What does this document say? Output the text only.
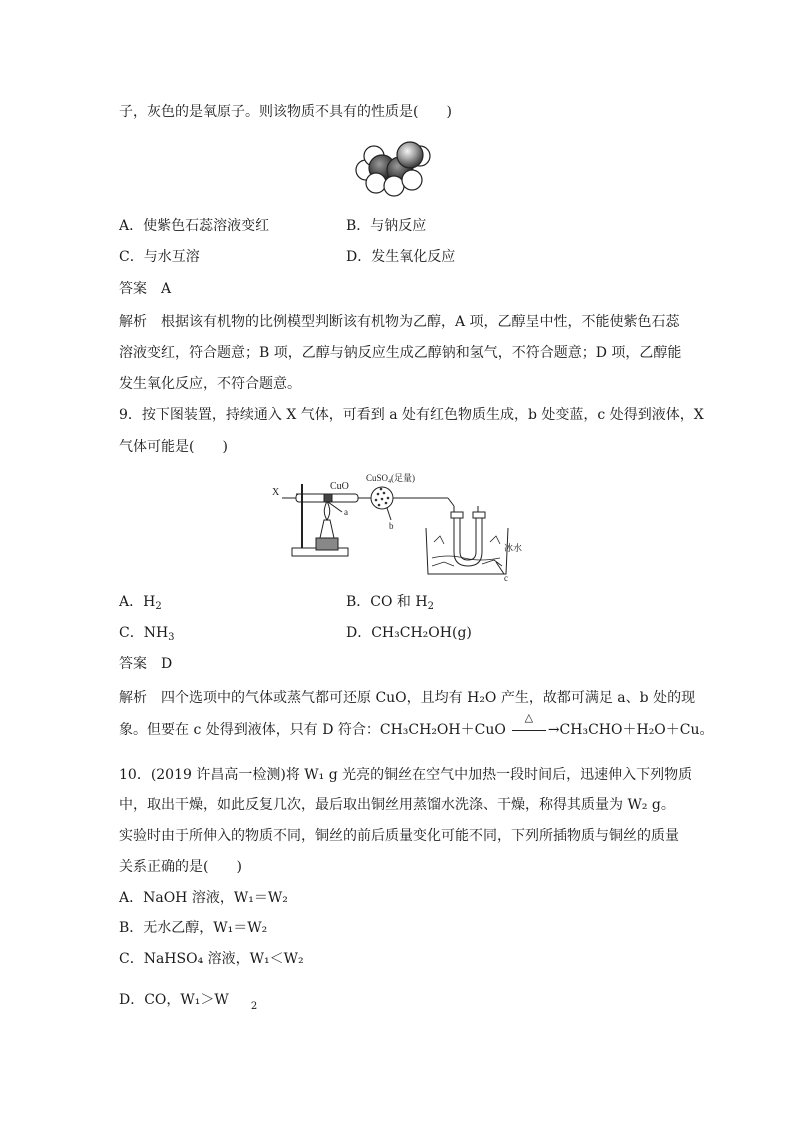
子，灰色的是氧原子。则该物质不具有的性质是(　　)
A．使紫色石蕊溶液变红	B．与钠反应
C．与水互溶	D．发生氧化反应
答案　 A
解析　 根据该有机物的比例模型判断该有机物为乙醇，A 项，乙醇呈中性，不能使紫色石蕊
溶液变红，符合题意；B 项，乙醇与钠反应生成乙醇钠和氢气，不符合题意；D 项，乙醇能
发生氧化反应，不符合题意。
9．按下图装置，持续通入 X 气体，可看到 a 处有红色物质生成，b 处变蓝，c 处得到液体，X
气体可能是(　　)
X
CuO
CuSO$_4$(足量)
a
b
c
冰水
A．$H_2$	B．CO 和 $H_2$
C．$NH_3$	D．CH₃CH₂OH(g)
答案　 D
解析　 四个选项中的气体或蒸气都可还原 CuO，且均有 H₂O 产生，故都可满足 a、b 处的现
象。但要在 c 处得到液体，只有 D 符合：CH₃CH₂OH＋CuO
△
→CH₃CHO＋H₂O＋Cu。
10．(2019 许昌高一检测)将 W₁ g 光亮的铜丝在空气中加热一段时间后，迅速伸入下列物质
中，取出干燥，如此反复几次，最后取出铜丝用蒸馏水洗涤、干燥，称得其质量为 W₂ g。
实验时由于所伸入的物质不同，铜丝的前后质量变化可能不同，下列所插物质与铜丝的质量
关系正确的是(　　)
A．NaOH 溶液，W₁＝W₂
B．无水乙醇，W₁＝W₂
C．NaHSO₄ 溶液，W₁＜W₂
D．CO，W₁＞W $_2$
